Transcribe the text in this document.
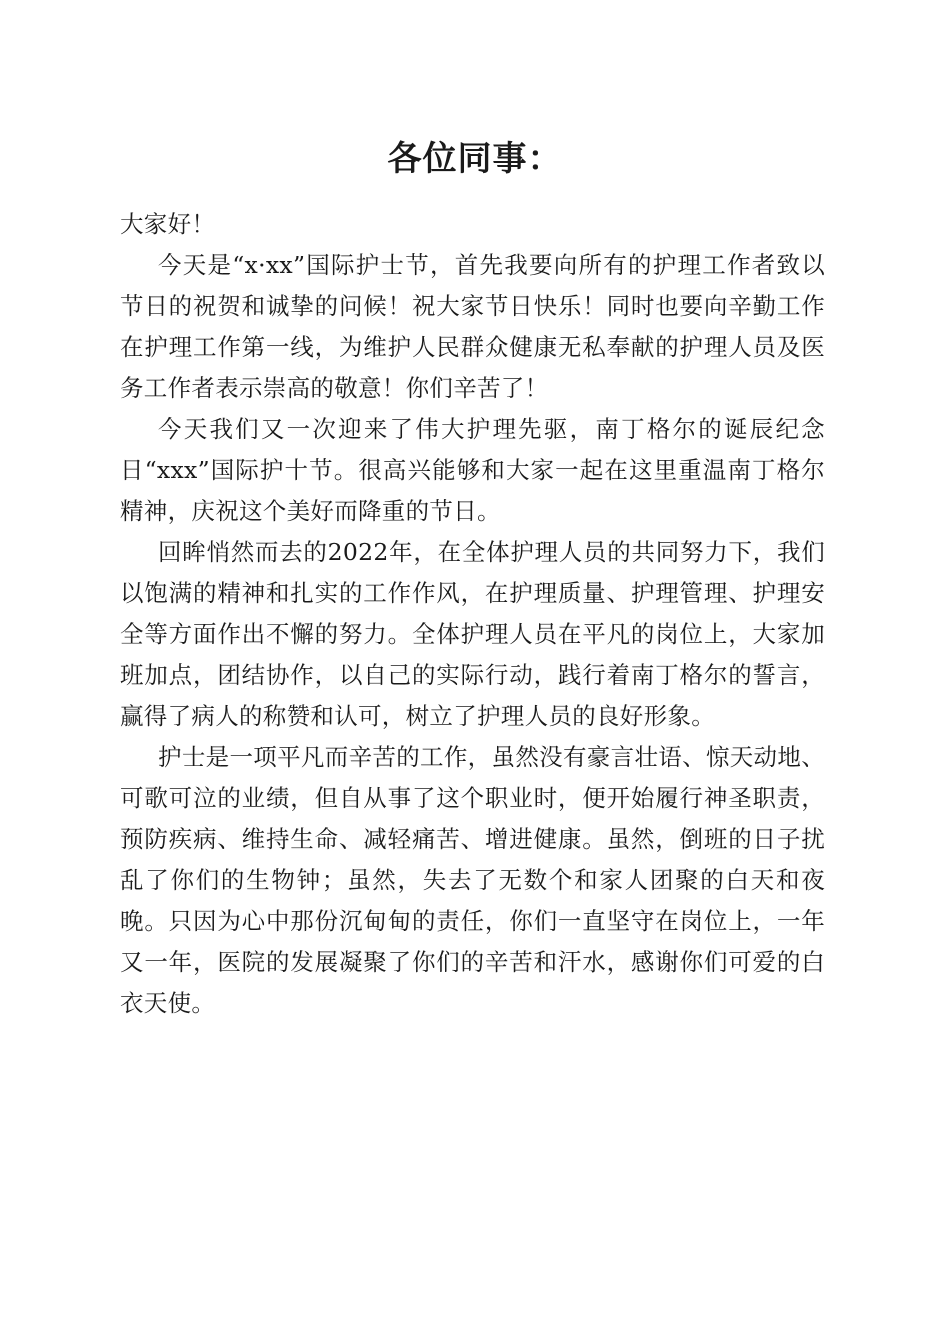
各位同事：

大家好！

今天是“x·xx”国际护士节，首先我要向所有的护理工作者致以节日的祝贺和诚挚的问候！祝大家节日快乐！同时也要向辛勤工作在护理工作第一线，为维护人民群众健康无私奉献的护理人员及医务工作者表示崇高的敬意！你们辛苦了！

今天我们又一次迎来了伟大护理先驱，南丁格尔的诞辰纪念日“xxx”国际护十节。很高兴能够和大家一起在这里重温南丁格尔精神，庆祝这个美好而降重的节日。

回眸悄然而去的2022年，在全体护理人员的共同努力下，我们以饱满的精神和扎实的工作作风，在护理质量、护理管理、护理安全等方面作出不懈的努力。全体护理人员在平凡的岗位上，大家加班加点，团结协作，以自己的实际行动，践行着南丁格尔的誓言，赢得了病人的称赞和认可，树立了护理人员的良好形象。

护士是一项平凡而辛苦的工作，虽然没有豪言壮语、惊天动地、可歌可泣的业绩，但自从事了这个职业时，便开始履行神圣职责，预防疾病、维持生命、减轻痛苦、增进健康。虽然，倒班的日子扰乱了你们的生物钟；虽然，失去了无数个和家人团聚的白天和夜晚。只因为心中那份沉甸甸的责任，你们一直坚守在岗位上，一年又一年，医院的发展凝聚了你们的辛苦和汗水，感谢你们可爱的白衣天使。
